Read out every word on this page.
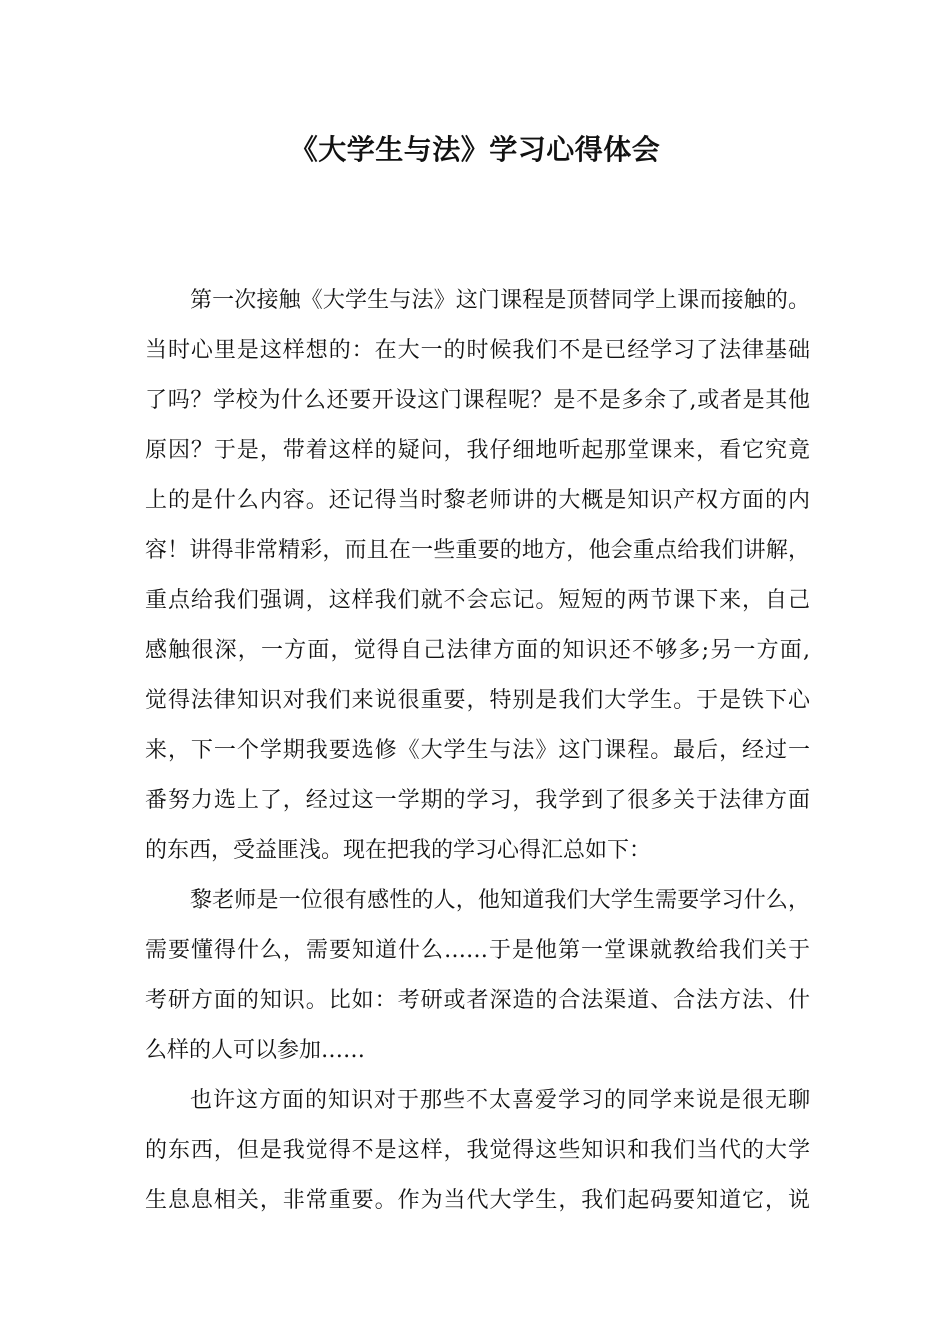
《大学生与法》学习心得体会

第一次接触《大学生与法》这门课程是顶替同学上课而接触的。

当时心里是这样想的：在大一的时候我们不是已经学习了法律基础

了吗？学校为什么还要开设这门课程呢？是不是多余了,或者是其他

原因？于是，带着这样的疑问，我仔细地听起那堂课来，看它究竟

上的是什么内容。还记得当时黎老师讲的大概是知识产权方面的内

容！讲得非常精彩，而且在一些重要的地方，他会重点给我们讲解，

重点给我们强调，这样我们就不会忘记。短短的两节课下来，自己

感触很深，一方面，觉得自己法律方面的知识还不够多;另一方面,

觉得法律知识对我们来说很重要，特别是我们大学生。于是铁下心

来，下一个学期我要选修《大学生与法》这门课程。最后，经过一

番努力选上了，经过这一学期的学习，我学到了很多关于法律方面

的东西，受益匪浅。现在把我的学习心得汇总如下：

黎老师是一位很有感性的人，他知道我们大学生需要学习什么，

需要懂得什么，需要知道什么……于是他第一堂课就教给我们关于

考研方面的知识。比如：考研或者深造的合法渠道、合法方法、什

么样的人可以参加……

也许这方面的知识对于那些不太喜爱学习的同学来说是很无聊

的东西，但是我觉得不是这样，我觉得这些知识和我们当代的大学

生息息相关，非常重要。作为当代大学生，我们起码要知道它，说
